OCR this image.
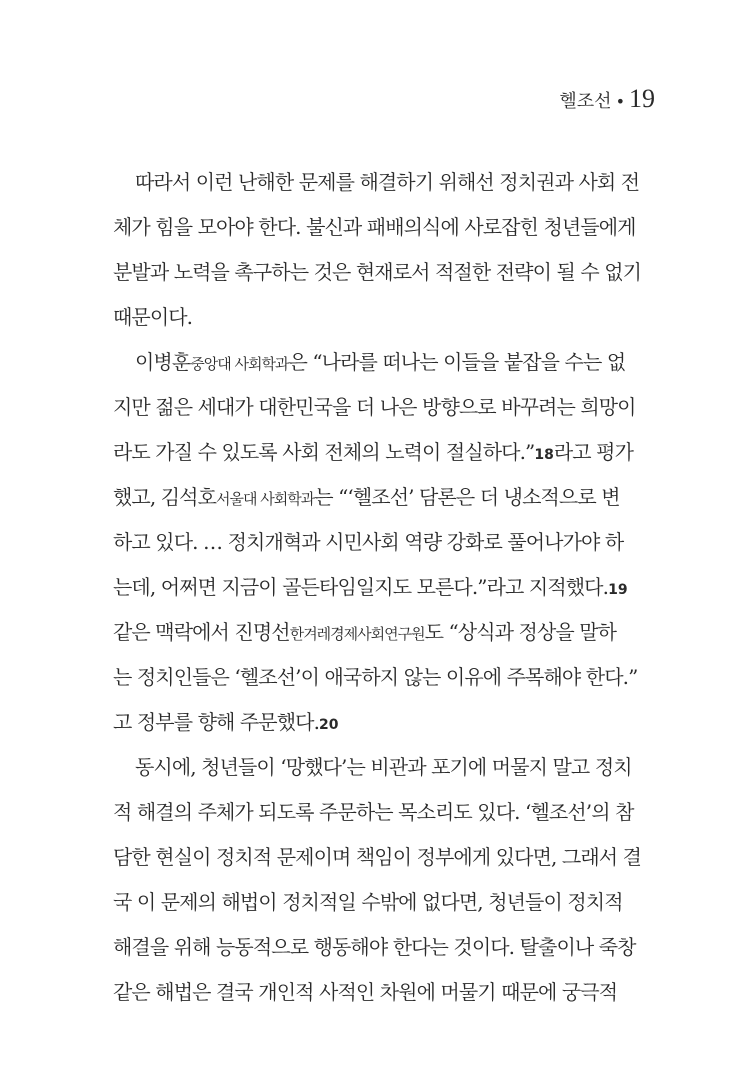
헬조선 • 19
따라서 이런 난해한 문제를 해결하기 위해선 정치권과 사회 전
체가 힘을 모아야 한다. 불신과 패배의식에 사로잡힌 청년들에게
분발과 노력을 촉구하는 것은 현재로서 적절한 전략이 될 수 없기
때문이다.
이병훈중앙대 사회학과은 “나라를 떠나는 이들을 붙잡을 수는 없
지만 젊은 세대가 대한민국을 더 나은 방향으로 바꾸려는 희망이
라도 가질 수 있도록 사회 전체의 노력이 절실하다.”18라고 평가
했고, 김석호서울대 사회학과는 “‘헬조선’ 담론은 더 냉소적으로 변
하고 있다. … 정치개혁과 시민사회 역량 강화로 풀어나가야 하
는데, 어쩌면 지금이 골든타임일지도 모른다.”라고 지적했다.19
같은 맥락에서 진명선한겨레경제사회연구원도 “상식과 정상을 말하
는 정치인들은 ‘헬조선’이 애국하지 않는 이유에 주목해야 한다.”
고 정부를 향해 주문했다.20
동시에, 청년들이 ‘망했다’는 비관과 포기에 머물지 말고 정치
적 해결의 주체가 되도록 주문하는 목소리도 있다. ‘헬조선’의 참
담한 현실이 정치적 문제이며 책임이 정부에게 있다면, 그래서 결
국 이 문제의 해법이 정치적일 수밖에 없다면, 청년들이 정치적
해결을 위해 능동적으로 행동해야 한다는 것이다. 탈출이나 죽창
같은 해법은 결국 개인적 사적인 차원에 머물기 때문에 궁극적
